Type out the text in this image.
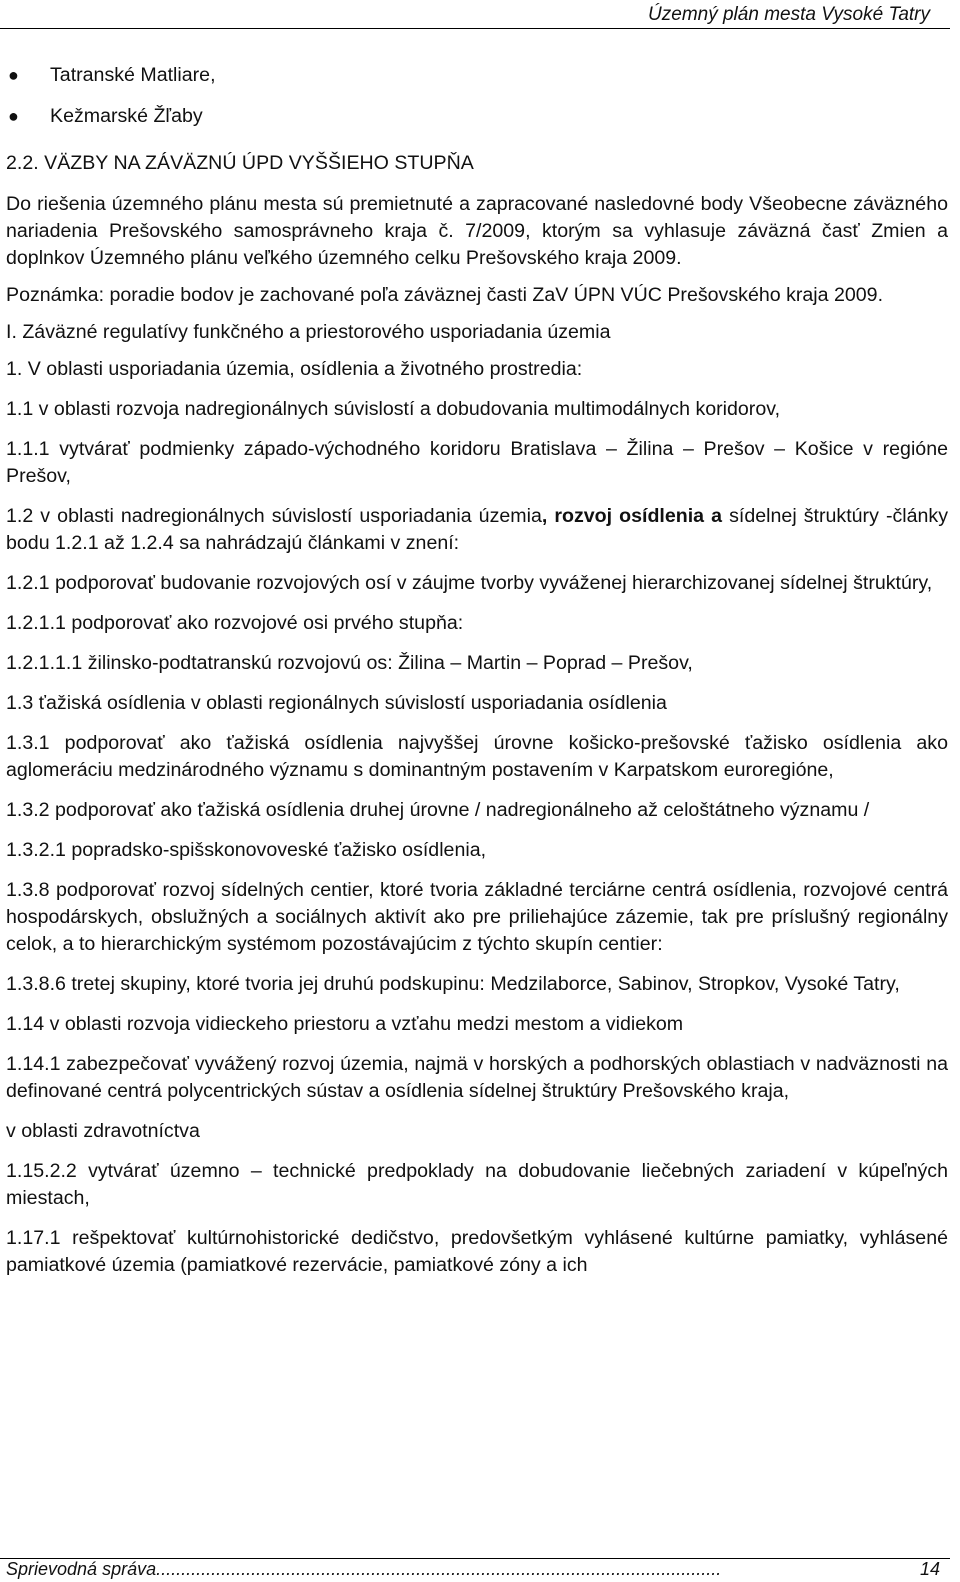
Územný plán mesta Vysoké Tatry
● Tatranské Matliare,
● Kežmarské Žľaby

2.2. VÄZBY NA ZÁVÄZNÚ ÚPD VYŠŠIEHO STUPŇA

Do riešenia územného plánu mesta sú premietnuté a zapracované nasledovné body Všeobecne záväzného nariadenia Prešovského samosprávneho kraja č. 7/2009, ktorým sa vyhlasuje záväzná časť Zmien a doplnkov Územného plánu veľkého územného celku Prešovského kraja 2009.

Poznámka: poradie bodov je zachované poľa záväznej časti ZaV ÚPN VÚC Prešovského kraja 2009.

I. Záväzné regulatívy funkčného a priestorového usporiadania územia

1. V oblasti usporiadania územia, osídlenia a životného prostredia:

1.1 v oblasti rozvoja nadregionálnych súvislostí a dobudovania multimodálnych koridorov,

1.1.1 vytvárať podmienky západo-východného koridoru Bratislava – Žilina – Prešov – Košice v regióne Prešov,

1.2 v oblasti nadregionálnych súvislostí usporiadania územia, rozvoj osídlenia a sídelnej štruktúry -články bodu 1.2.1 až 1.2.4 sa nahrádzajú článkami v znení:

1.2.1 podporovať budovanie rozvojových osí v záujme tvorby vyváženej hierarchizovanej sídelnej štruktúry,

1.2.1.1 podporovať ako rozvojové osi prvého stupňa:

1.2.1.1.1 žilinsko-podtatranskú rozvojovú os: Žilina – Martin – Poprad – Prešov,

1.3 ťažiská osídlenia v oblasti regionálnych súvislostí usporiadania osídlenia

1.3.1 podporovať ako ťažiská osídlenia najvyššej úrovne košicko-prešovské ťažisko osídlenia ako aglomeráciu medzinárodného významu s dominantným postavením v Karpatskom euroregióne,

1.3.2 podporovať ako ťažiská osídlenia druhej úrovne / nadregionálneho až celoštátneho významu /

1.3.2.1 popradsko-spišskonovoveské ťažisko osídlenia,

1.3.8 podporovať rozvoj sídelných centier, ktoré tvoria základné terciárne centrá osídlenia, rozvojové centrá hospodárskych, obslužných a sociálnych aktivít ako pre priliehajúce zázemie, tak pre príslušný regionálny celok, a to hierarchickým systémom pozostávajúcim z týchto skupín centier:

1.3.8.6 tretej skupiny, ktoré tvoria jej druhú podskupinu: Medzilaborce, Sabinov, Stropkov, Vysoké Tatry,

1.14 v oblasti rozvoja vidieckeho priestoru a vzťahu medzi mestom a vidiekom

1.14.1 zabezpečovať vyvážený rozvoj územia, najmä v horských a podhorských oblastiach v nadväznosti na definované centrá polycentrických sústav a osídlenia sídelnej štruktúry Prešovského kraja,

v oblasti zdravotníctva

1.15.2.2 vytvárať územno – technické predpoklady na dobudovanie liečebných zariadení v kúpeľných miestach,

1.17.1 rešpektovať kultúrnohistorické dedičstvo, predovšetkým vyhlásené kultúrne pamiatky, vyhlásené pamiatkové územia (pamiatkové rezervácie, pamiatkové zóny a ich

Sprievodná správa.................................................................................................................	14
